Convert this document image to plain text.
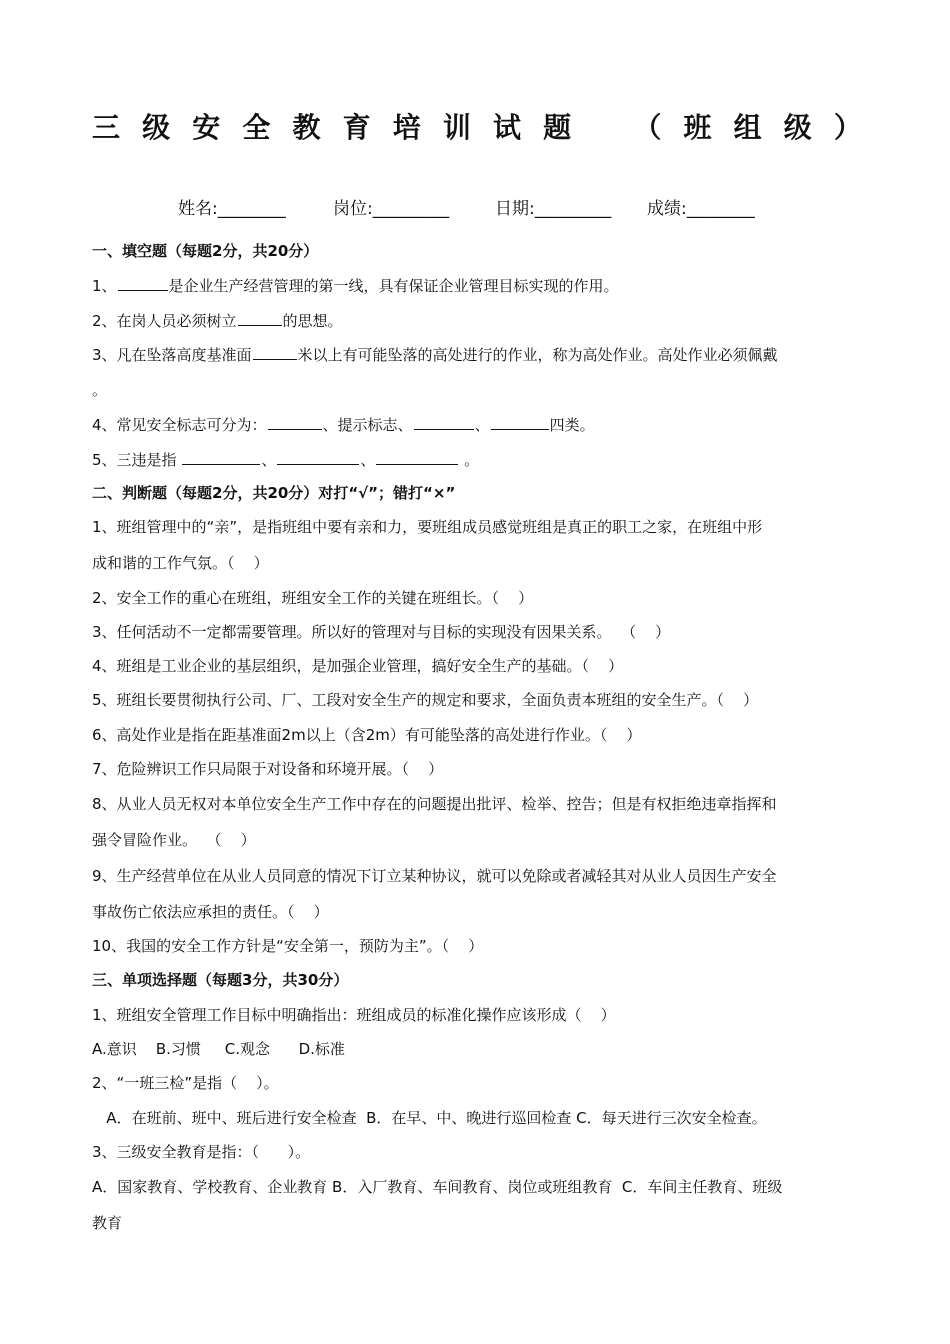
三 级 安 全 教 育 培 训 试 题 （ 班 组 级 ）
姓名:________	岗位:_________	日期:_________ 成绩:________
一、填空题（每题2分，共20分）
1、	是企业生产经营管理的第一线，具有保证企业管理目标实现的作用。
2、在岗人员必须树立	的思想。
3、凡在坠落高度基准面	米以上有可能坠落的高处进行的作业，称为高处作业。高处作业必须佩戴
。
4、常见安全标志可分为：	、提示标志、	、	四类。
5、三违是指	、	、	。
二、判断题（每题2分，共20分）对打“√”；错打“×”
1、班组管理中的“亲”，是指班组中要有亲和力，要班组成员感觉班组是真正的职工之家，在班组中形
成和谐的工作气氛。（    ）
2、安全工作的重心在班组，班组安全工作的关键在班组长。（    ）
3、任何活动不一定都需要管理。所以好的管理对与目标的实现没有因果关系。  （    ）
4、班组是工业企业的基层组织，是加强企业管理，搞好安全生产的基础。（    ）
5、班组长要贯彻执行公司、厂、工段对安全生产的规定和要求，全面负责本班组的安全生产。（    ）
6、高处作业是指在距基准面2m以上（含2m）有可能坠落的高处进行作业。（    ）
7、危险辨识工作只局限于对设备和环境开展。（    ）
8、从业人员无权对本单位安全生产工作中存在的问题提出批评、检举、控告；但是有权拒绝违章指挥和
强令冒险作业。  （    ）
9、生产经营单位在从业人员同意的情况下订立某种协议，就可以免除或者减轻其对从业人员因生产安全
事故伤亡依法应承担的责任。（    ）
10、我国的安全工作方针是“安全第一，预防为主”。（    ）
三、单项选择题（每题3分，共30分）
1、班组安全管理工作目标中明确指出：班组成员的标准化操作应该形成（    ）
A.意识    B.习惯     C.观念      D.标准
2、“一班三检”是指（    ）。
A．在班前、班中、班后进行安全检查  B．在早、中、晚进行巡回检查 C．每天进行三次安全检查。
3、三级安全教育是指：（      ）。
A．国家教育、学校教育、企业教育 B．入厂教育、车间教育、岗位或班组教育  C．车间主任教育、班级
教育
